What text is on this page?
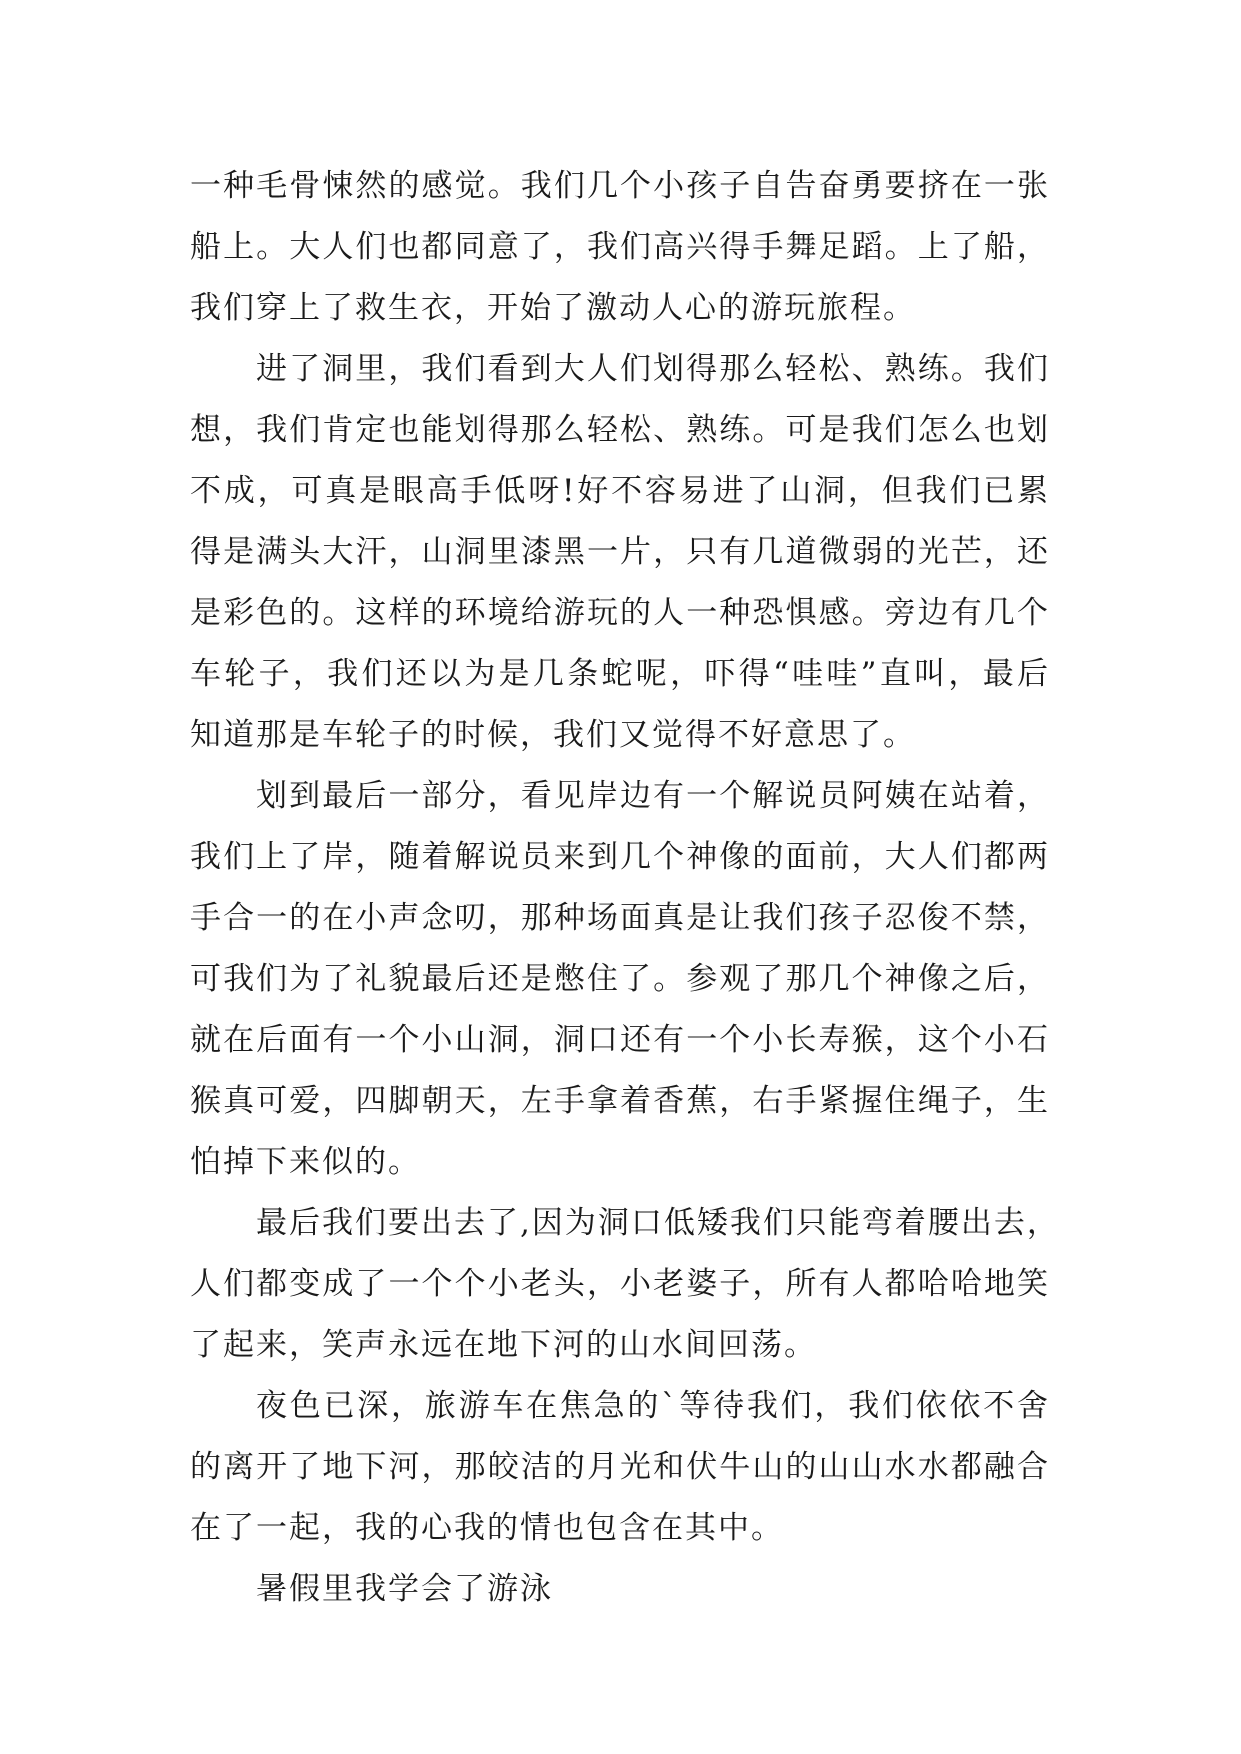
一种毛骨悚然的感觉。我们几个小孩子自告奋勇要挤在一张
船上。大人们也都同意了，我们高兴得手舞足蹈。上了船，
我们穿上了救生衣，开始了激动人心的游玩旅程。
进了洞里，我们看到大人们划得那么轻松、熟练。我们
想，我们肯定也能划得那么轻松、熟练。可是我们怎么也划
不成，可真是眼高手低呀!好不容易进了山洞，但我们已累
得是满头大汗，山洞里漆黑一片，只有几道微弱的光芒，还
是彩色的。这样的环境给游玩的人一种恐惧感。旁边有几个
车轮子，我们还以为是几条蛇呢，吓得“哇哇”直叫，最后
知道那是车轮子的时候，我们又觉得不好意思了。
划到最后一部分，看见岸边有一个解说员阿姨在站着，
我们上了岸，随着解说员来到几个神像的面前，大人们都两
手合一的在小声念叨，那种场面真是让我们孩子忍俊不禁，
可我们为了礼貌最后还是憋住了。参观了那几个神像之后，
就在后面有一个小山洞，洞口还有一个小长寿猴，这个小石
猴真可爱，四脚朝天，左手拿着香蕉，右手紧握住绳子，生
怕掉下来似的。
最后我们要出去了,因为洞口低矮我们只能弯着腰出去，
人们都变成了一个个小老头，小老婆子，所有人都哈哈地笑
了起来，笑声永远在地下河的山水间回荡。
夜色已深，旅游车在焦急的`等待我们，我们依依不舍
的离开了地下河，那皎洁的月光和伏牛山的山山水水都融合
在了一起，我的心我的情也包含在其中。
暑假里我学会了游泳
